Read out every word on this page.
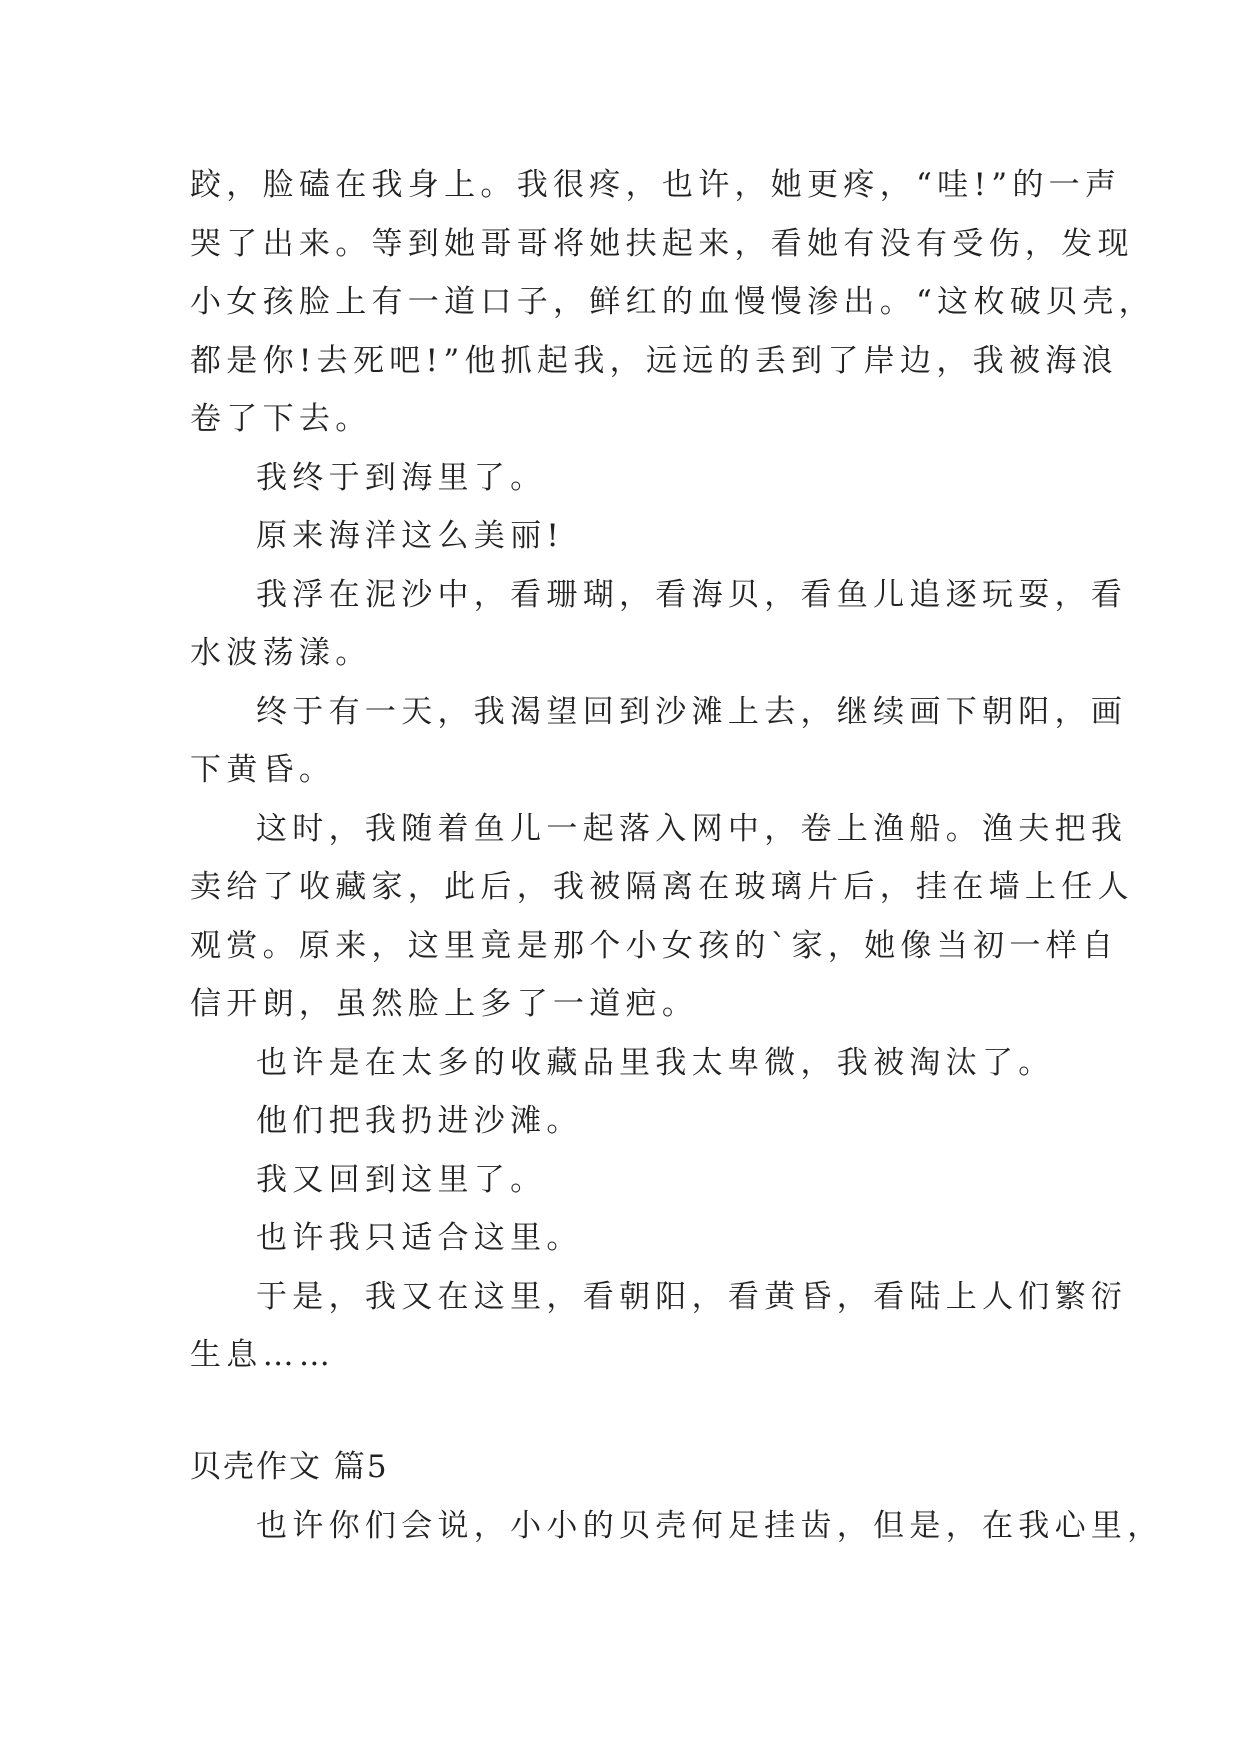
跤，脸磕在我身上。我很疼，也许，她更疼，“哇!”的一声
哭了出来。等到她哥哥将她扶起来，看她有没有受伤，发现
小女孩脸上有一道口子，鲜红的血慢慢渗出。“这枚破贝壳，
都是你!去死吧!”他抓起我，远远的丢到了岸边，我被海浪
卷了下去。
我终于到海里了。
原来海洋这么美丽!
我浮在泥沙中，看珊瑚，看海贝，看鱼儿追逐玩耍，看
水波荡漾。
终于有一天，我渴望回到沙滩上去，继续画下朝阳，画
下黄昏。
这时，我随着鱼儿一起落入网中，卷上渔船。渔夫把我
卖给了收藏家，此后，我被隔离在玻璃片后，挂在墙上任人
观赏。原来，这里竟是那个小女孩的`家，她像当初一样自
信开朗，虽然脸上多了一道疤。
也许是在太多的收藏品里我太卑微，我被淘汰了。
他们把我扔进沙滩。
我又回到这里了。
也许我只适合这里。
于是，我又在这里，看朝阳，看黄昏，看陆上人们繁衍
生息……
贝壳作文 篇5
也许你们会说，小小的贝壳何足挂齿，但是，在我心里，
